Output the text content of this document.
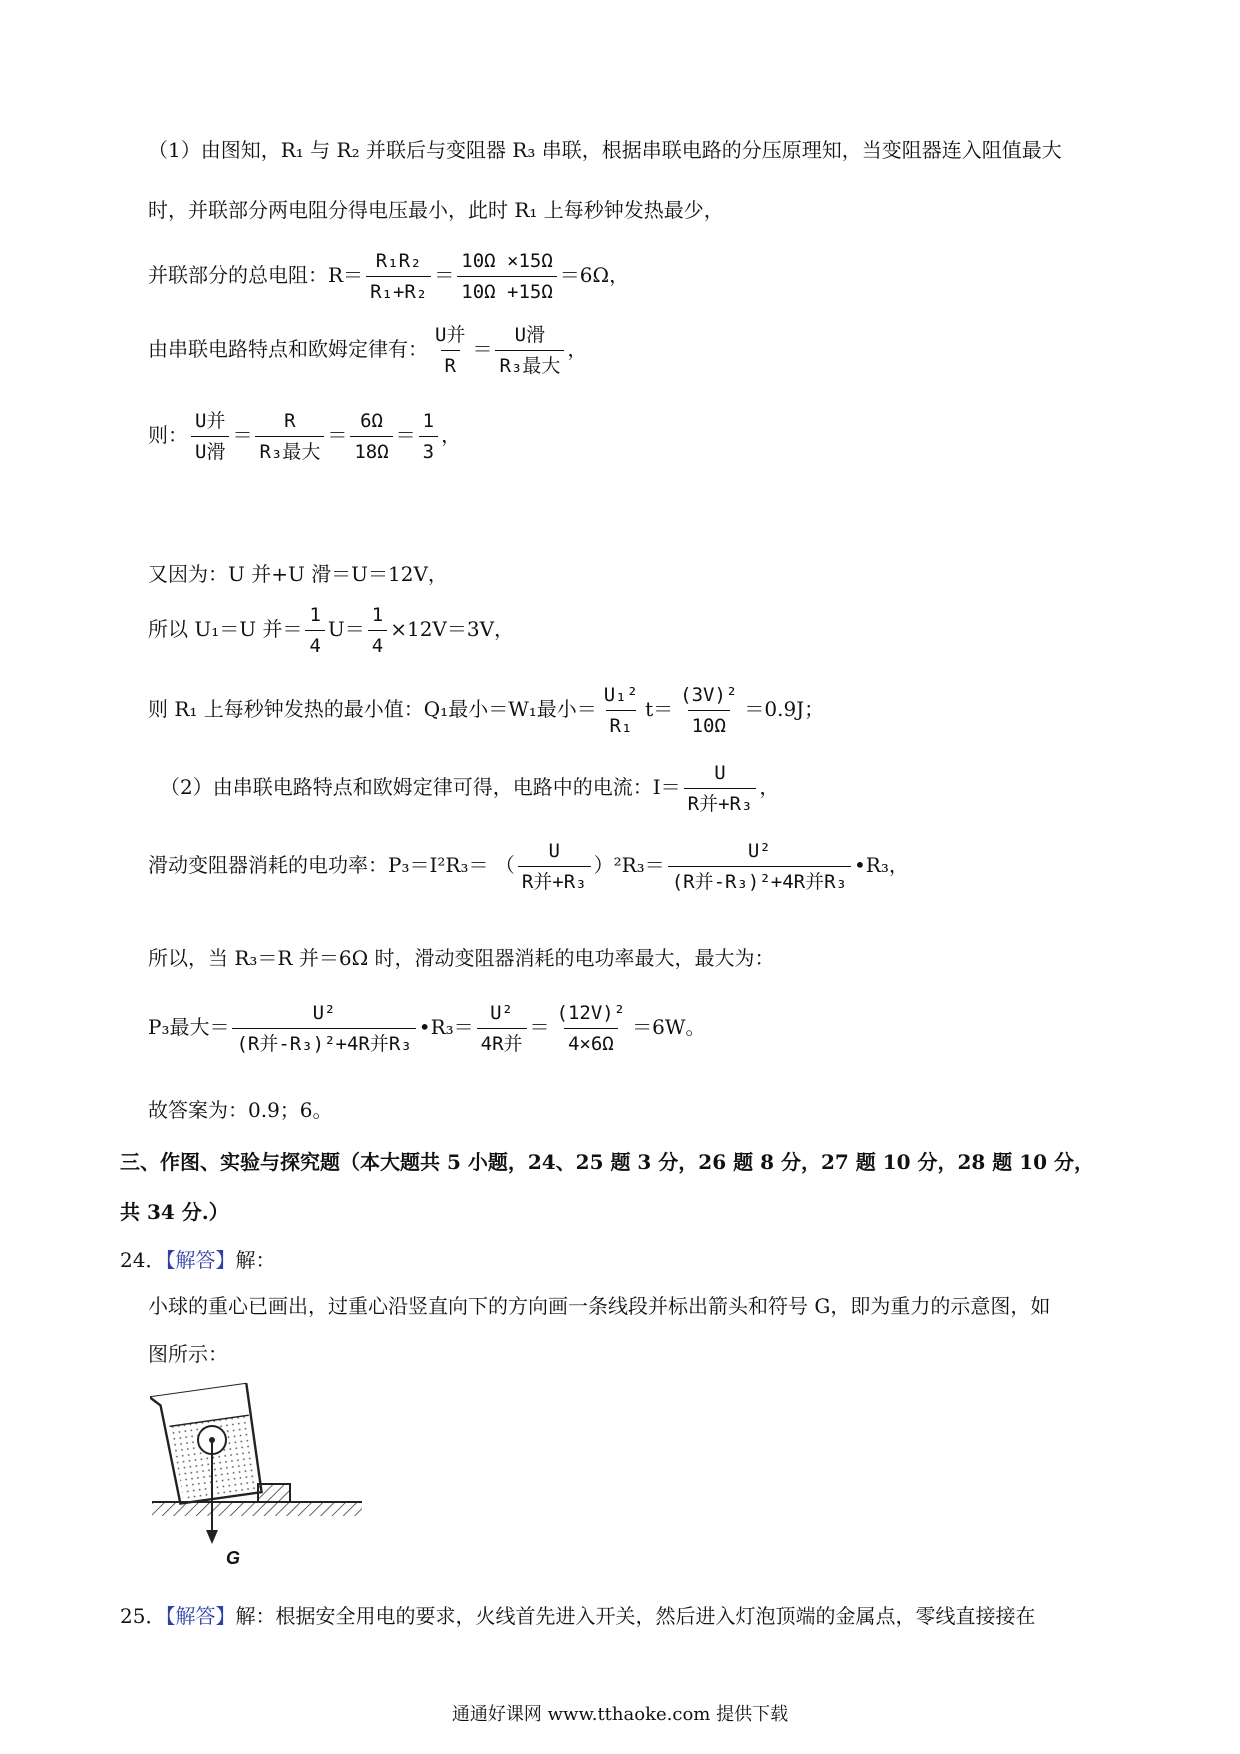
（1）由图知，R₁ 与 R₂ 并联后与变阻器 R₃ 串联，根据串联电路的分压原理知，当变阻器连入阻值最大
时，并联部分两电阻分得电压最小，此时 R₁ 上每秒钟发热最少，
并联部分的总电阻：$R= \frac{\text{R₁R₂}}{\text{R₁+R₂}} = \frac{10\Omega \times 15\Omega}{10\Omega +15\Omega} =6\Omega$，
由串联电路特点和欧姆定律有： $\frac{\text{U并}}{R} = \frac{\text{U滑}}{\text{R₃最大}}$ ，
则： $\frac{\text{U并}}{\text{U滑}} = \frac{R}{\text{R₃最大}} = \frac{6\Omega}{18\Omega} = \frac{1}{3}$ ，
又因为：U 并+U 滑＝U＝12V，
所以 U₁＝U 并＝ $\frac{1}{4} U= \frac{1}{4} \times 12V=3V$，
则 R₁ 上每秒钟发热的最小值：Q₁最小＝W₁最小＝ $\frac{\text{U₁²}}{\text{R₁}} t= \frac{\text{(3V)²}}{10\Omega} =0.9J$；
（2）由串联电路特点和欧姆定律可得，电路中的电流：$I= \frac{U}{\text{R并+R₃}}$ ，
滑动变阻器消耗的电功率：P₃＝I²R₃＝ （ $\frac{U}{\text{R并+R₃}} )^2R_3= \frac{\text{U²}}{\text{(R并-R₃)²+4R并R₃}}$ •R₃，
所以，当 R₃＝R 并＝6Ω 时，滑动变阻器消耗的电功率最大，最大为：
P₃最大＝ $\frac{\text{U²}}{\text{(R并-R₃)²+4R并R₃}}$ •R₃＝ $\frac{\text{U²}}{\text{4R并}} = \frac{\text{(12V)²}}{4\times 6\Omega} =6W$。
故答案为：0.9；6。
三、作图、实验与探究题（本大题共 5 小题，24、25 题 3 分，26 题 8 分，27 题 10 分，28 题 10 分，
共 34 分.）
24．【解答】解：
小球的重心已画出，过重心沿竖直向下的方向画一条线段并标出箭头和符号 G，即为重力的示意图，如
图所示：
G
25．【解答】解：根据安全用电的要求，火线首先进入开关，然后进入灯泡顶端的金属点，零线直接接在
通通好课网 www.tthaoke.com 提供下载
